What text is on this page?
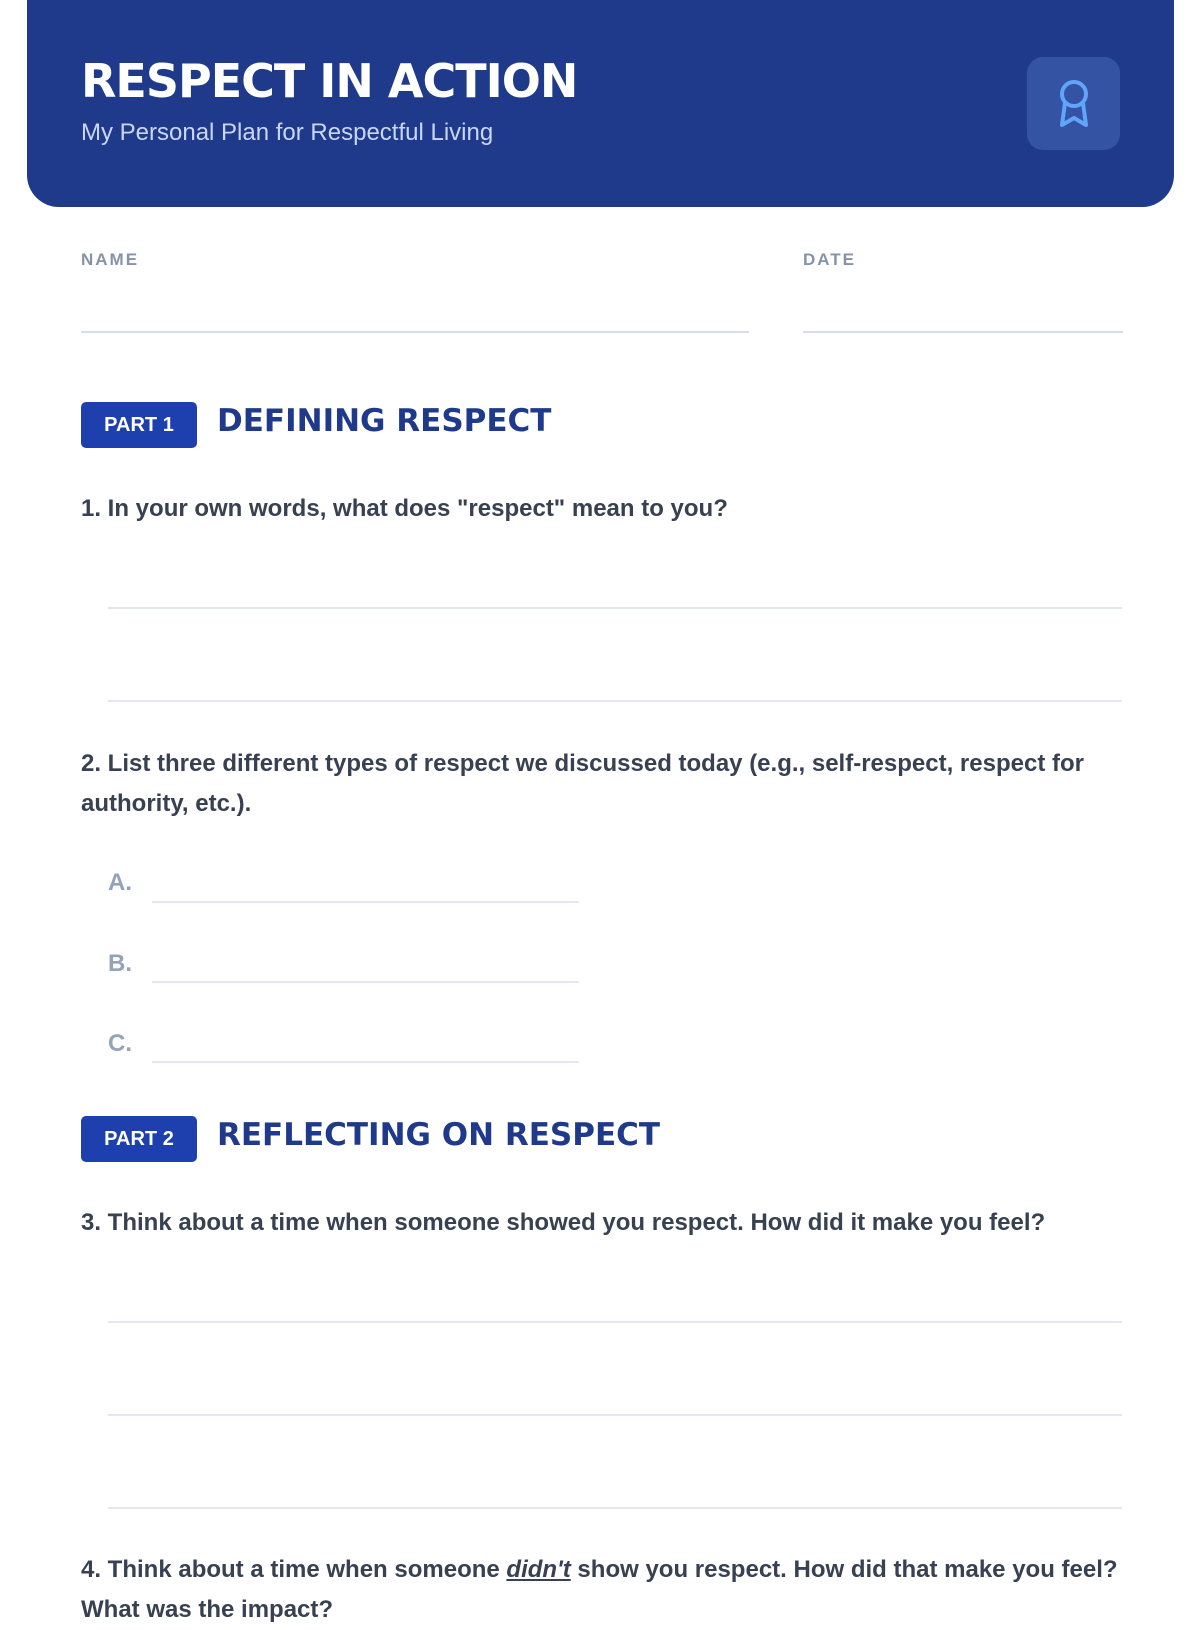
RESPECT IN ACTION
My Personal Plan for Respectful Living
NAME	DATE
PART 1	DEFINING RESPECT
1. In your own words, what does "respect" mean to you?
2. List three different types of respect we discussed today (e.g., self-respect, respect for authority, etc.).
A.
B.
C.
PART 2	REFLECTING ON RESPECT
3. Think about a time when someone showed you respect. How did it make you feel?
4. Think about a time when someone didn't show you respect. How did that make you feel? What was the impact?
